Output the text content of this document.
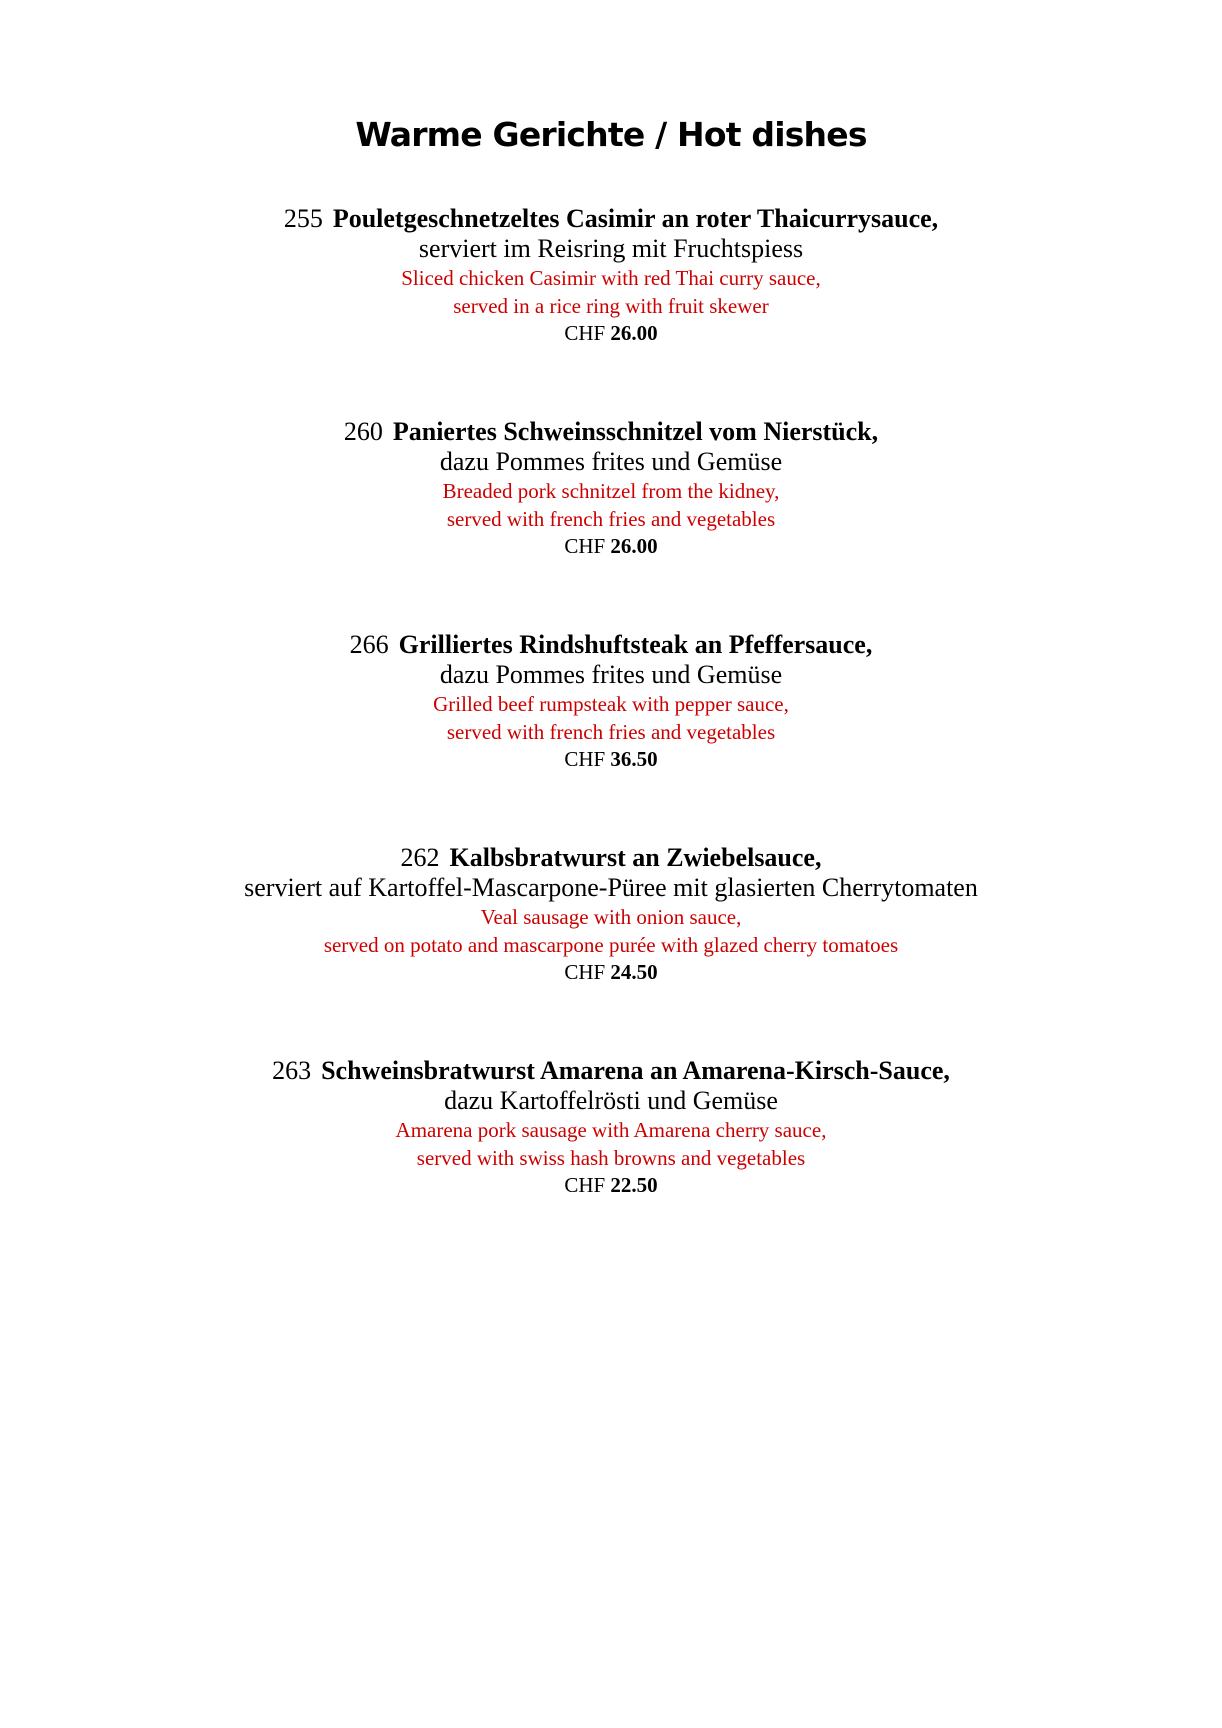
Warme Gerichte / Hot dishes
255 Pouletgeschnetzeltes Casimir an roter Thaicurrysauce,
serviert im Reisring mit Fruchtspiess
Sliced chicken Casimir with red Thai curry sauce,
served in a rice ring with fruit skewer
CHF 26.00
260 Paniertes Schweinsschnitzel vom Nierstück,
dazu Pommes frites und Gemüse
Breaded pork schnitzel from the kidney,
served with french fries and vegetables
CHF 26.00
266 Grilliertes Rindshuftsteak an Pfeffersauce,
dazu Pommes frites und Gemüse
Grilled beef rumpsteak with pepper sauce,
served with french fries and vegetables
CHF 36.50
262 Kalbsbratwurst an Zwiebelsauce,
serviert auf Kartoffel-Mascarpone-Püree mit glasierten Cherrytomaten
Veal sausage with onion sauce,
served on potato and mascarpone purée with glazed cherry tomatoes
CHF 24.50
263 Schweinsbratwurst Amarena an Amarena-Kirsch-Sauce,
dazu Kartoffelrösti und Gemüse
Amarena pork sausage with Amarena cherry sauce,
served with swiss hash browns and vegetables
CHF 22.50
